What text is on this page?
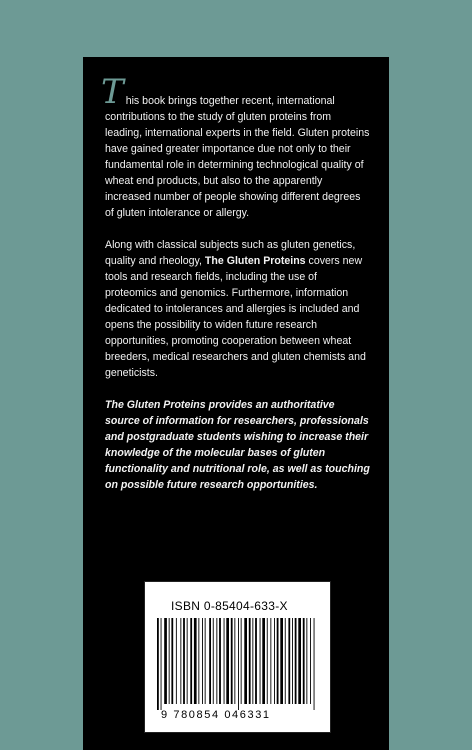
This book brings together recent, international contributions to the study of gluten proteins from leading, international experts in the field. Gluten proteins have gained greater importance due not only to their fundamental role in determining technological quality of wheat end products, but also to the apparently increased number of people showing different degrees of gluten intolerance or allergy.

Along with classical subjects such as gluten genetics, quality and rheology, The Gluten Proteins covers new tools and research fields, including the use of proteomics and genomics. Furthermore, information dedicated to intolerances and allergies is included and opens the possibility to widen future research opportunities, promoting cooperation between wheat breeders, medical researchers and gluten chemists and geneticists.

The Gluten Proteins provides an authoritative source of information for researchers, professionals and postgraduate students wishing to increase their knowledge of the molecular bases of gluten functionality and nutritional role, as well as touching on possible future research opportunities.

ISBN 0-85404-633-X
9 780854 046331
